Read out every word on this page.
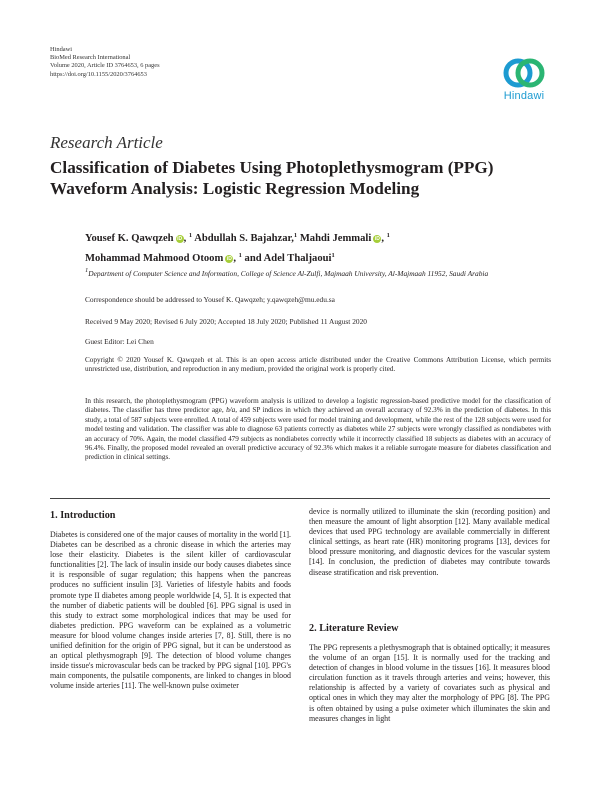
Hindawi
BioMed Research International
Volume 2020, Article ID 3764653, 6 pages
https://doi.org/10.1155/2020/3764653
Hindawi
Research Article
Classification of Diabetes Using Photoplethysmogram (PPG) Waveform Analysis: Logistic Regression Modeling
Yousef K. Qawqzeh iD , $^1$ Abdullah S. Bajahzar,$^1$ Mahdi Jemmali iD , $^1$
Mohammad Mahmood Otoom iD , $^1$ and Adel Thaljaoui$^1$
1Department of Computer Science and Information, College of Science Al-Zulfi, Majmaah University, Al-Majmaah 11952, Saudi Arabia
Correspondence should be addressed to Yousef K. Qawqzeh; y.qawqzeh@mu.edu.sa
Received 9 May 2020; Revised 6 July 2020; Accepted 18 July 2020; Published 11 August 2020
Guest Editor: Lei Chen

Copyright © 2020 Yousef K. Qawqzeh et al. This is an open access article distributed under the Creative Commons Attribution License, which permits unrestricted use, distribution, and reproduction in any medium, provided the original work is properly cited.

In this research, the photoplethysmogram (PPG) waveform analysis is utilized to develop a logistic regression-based predictive model for the classification of diabetes. The classifier has three predictor age, b/a, and SP indices in which they achieved an overall accuracy of 92.3% in the prediction of diabetes. In this study, a total of 587 subjects were enrolled. A total of 459 subjects were used for model training and development, while the rest of the 128 subjects were used for model testing and validation. The classifier was able to diagnose 63 patients correctly as diabetes while 27 subjects were wrongly classified as nondiabetes with an accuracy of 70%. Again, the model classified 479 subjects as nondiabetes correctly while it incorrectly classified 18 subjects as diabetes with an accuracy of 96.4%. Finally, the proposed model revealed an overall predictive accuracy of 92.3% which makes it a reliable surrogate measure for diabetes classification and prediction in clinical settings.

1. Introduction

Diabetes is considered one of the major causes of mortality in the world [1]. Diabetes can be described as a chronic disease in which the arteries may lose their elasticity. Diabetes is the silent killer of cardiovascular functionalities [2]. The lack of insulin inside our body causes diabetes since it is responsible of sugar regulation; this happens when the pancreas produces no sufficient insulin [3]. Varieties of lifestyle habits and foods promote type II diabetes among people worldwide [4, 5]. It is expected that the number of diabetic patients will be doubled [6]. PPG signal is used in this study to extract some morphological indices that may be used for diabetes prediction. PPG waveform can be explained as a volumetric measure for blood volume changes inside arteries [7, 8]. Still, there is no unified definition for the origin of PPG signal, but it can be understood as an optical plethysmograph [9]. The detection of blood volume changes inside tissue's microvascular beds can be tracked by PPG signal [10]. PPG's main components, the pulsatile components, are linked to changes in blood volume inside arteries [11]. The well-known pulse oximeter

device is normally utilized to illuminate the skin (recording position) and then measure the amount of light absorption [12]. Many available medical devices that used PPG technology are available commercially in different clinical settings, as heart rate (HR) monitoring programs [13], devices for blood pressure monitoring, and diagnostic devices for the vascular system [14]. In conclusion, the prediction of diabetes may contribute towards disease stratification and risk prevention.

2. Literature Review

The PPG represents a plethysmograph that is obtained optically; it measures the volume of an organ [15]. It is normally used for the tracking and detection of changes in blood volume in the tissues [16]. It measures blood circulation function as it travels through arteries and veins; however, this relationship is affected by a variety of covariates such as physical and optical ones in which they may alter the morphology of PPG [8]. The PPG is often obtained by using a pulse oximeter which illuminates the skin and measures changes in light
